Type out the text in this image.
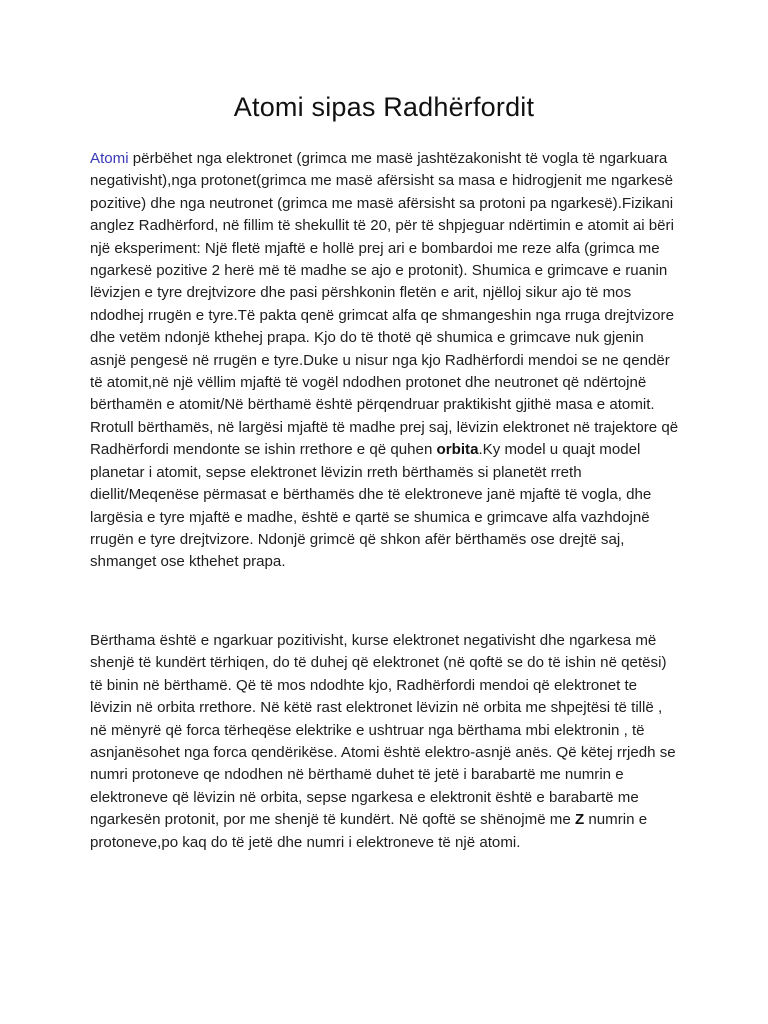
Atomi sipas Radhërfordit

Atomi përbëhet nga elektronet (grimca me masë jashtëzakonisht të vogla të ngarkuara negativisht),nga protonet(grimca me masë afërsisht sa masa e hidrogjenit me ngarkesë pozitive) dhe nga neutronet (grimca me masë afërsisht sa protoni pa ngarkesë).Fizikani anglez Radhërford, në fillim të shekullit të 20, për të shpjeguar ndërtimin e atomit ai bëri një eksperiment: Një fletë mjaftë e hollë prej ari e bombardoi me reze alfa (grimca me ngarkesë pozitive 2 herë më të madhe se ajo e protonit). Shumica e grimcave e ruanin lëvizjen e tyre drejtvizore dhe pasi përshkonin fletën e arit, njëlloj sikur ajo të mos ndodhej rrugën e tyre.Të pakta qenë grimcat alfa qe shmangeshin nga rruga drejtvizore dhe vetëm ndonjë kthehej prapa. Kjo do të thotë që shumica e grimcave nuk gjenin asnjë pengesë në rrugën e tyre.Duke u nisur nga kjo Radhërfordi mendoi se ne qendër të atomit,në një vëllim mjaftë të vogël ndodhen protonet dhe neutronet që ndërtojnë bërthamën e atomit/Në bërthamë është përqendruar praktikisht gjithë masa e atomit. Rrotull bërthamës, në largësi mjaftë të madhe prej saj, lëvizin elektronet në trajektore që Radhërfordi mendonte se ishin rrethore e që quhen orbita.Ky model u quajt model planetar i atomit, sepse elektronet lëvizin rreth bërthamës si planetët rreth diellit/Meqenëse përmasat e bërthamës dhe të elektroneve janë mjaftë të vogla, dhe largësia e tyre mjaftë e madhe, është e qartë se shumica e grimcave alfa vazhdojnë rrugën e tyre drejtvizore. Ndonjë grimcë që shkon afër bërthamës ose drejtë saj, shmanget ose kthehet prapa.

Bërthama është e ngarkuar pozitivisht, kurse elektronet negativisht dhe ngarkesa më shenjë të kundërt tërhiqen, do të duhej që elektronet (në qoftë se do të ishin në qetësi) të binin në bërthamë. Që të mos ndodhte kjo, Radhërfordi mendoi që elektronet te lëvizin në orbita rrethore. Në këtë rast elektronet lëvizin në orbita me shpejtësi të tillë , në mënyrë që forca tërheqëse elektrike e ushtruar nga bërthama mbi elektronin , të asnjanësohet nga forca qendërikëse. Atomi është elektro-asnjë anës. Që këtej rrjedh se numri protoneve qe ndodhen në bërthamë duhet të jetë i barabartë me numrin e elektroneve që lëvizin në orbita, sepse ngarkesa e elektronit është e barabartë me ngarkesën protonit, por me shenjë të kundërt. Në qoftë se shënojmë me Z numrin e protoneve,po kaq do të jetë dhe numri i elektroneve të një atomi.
